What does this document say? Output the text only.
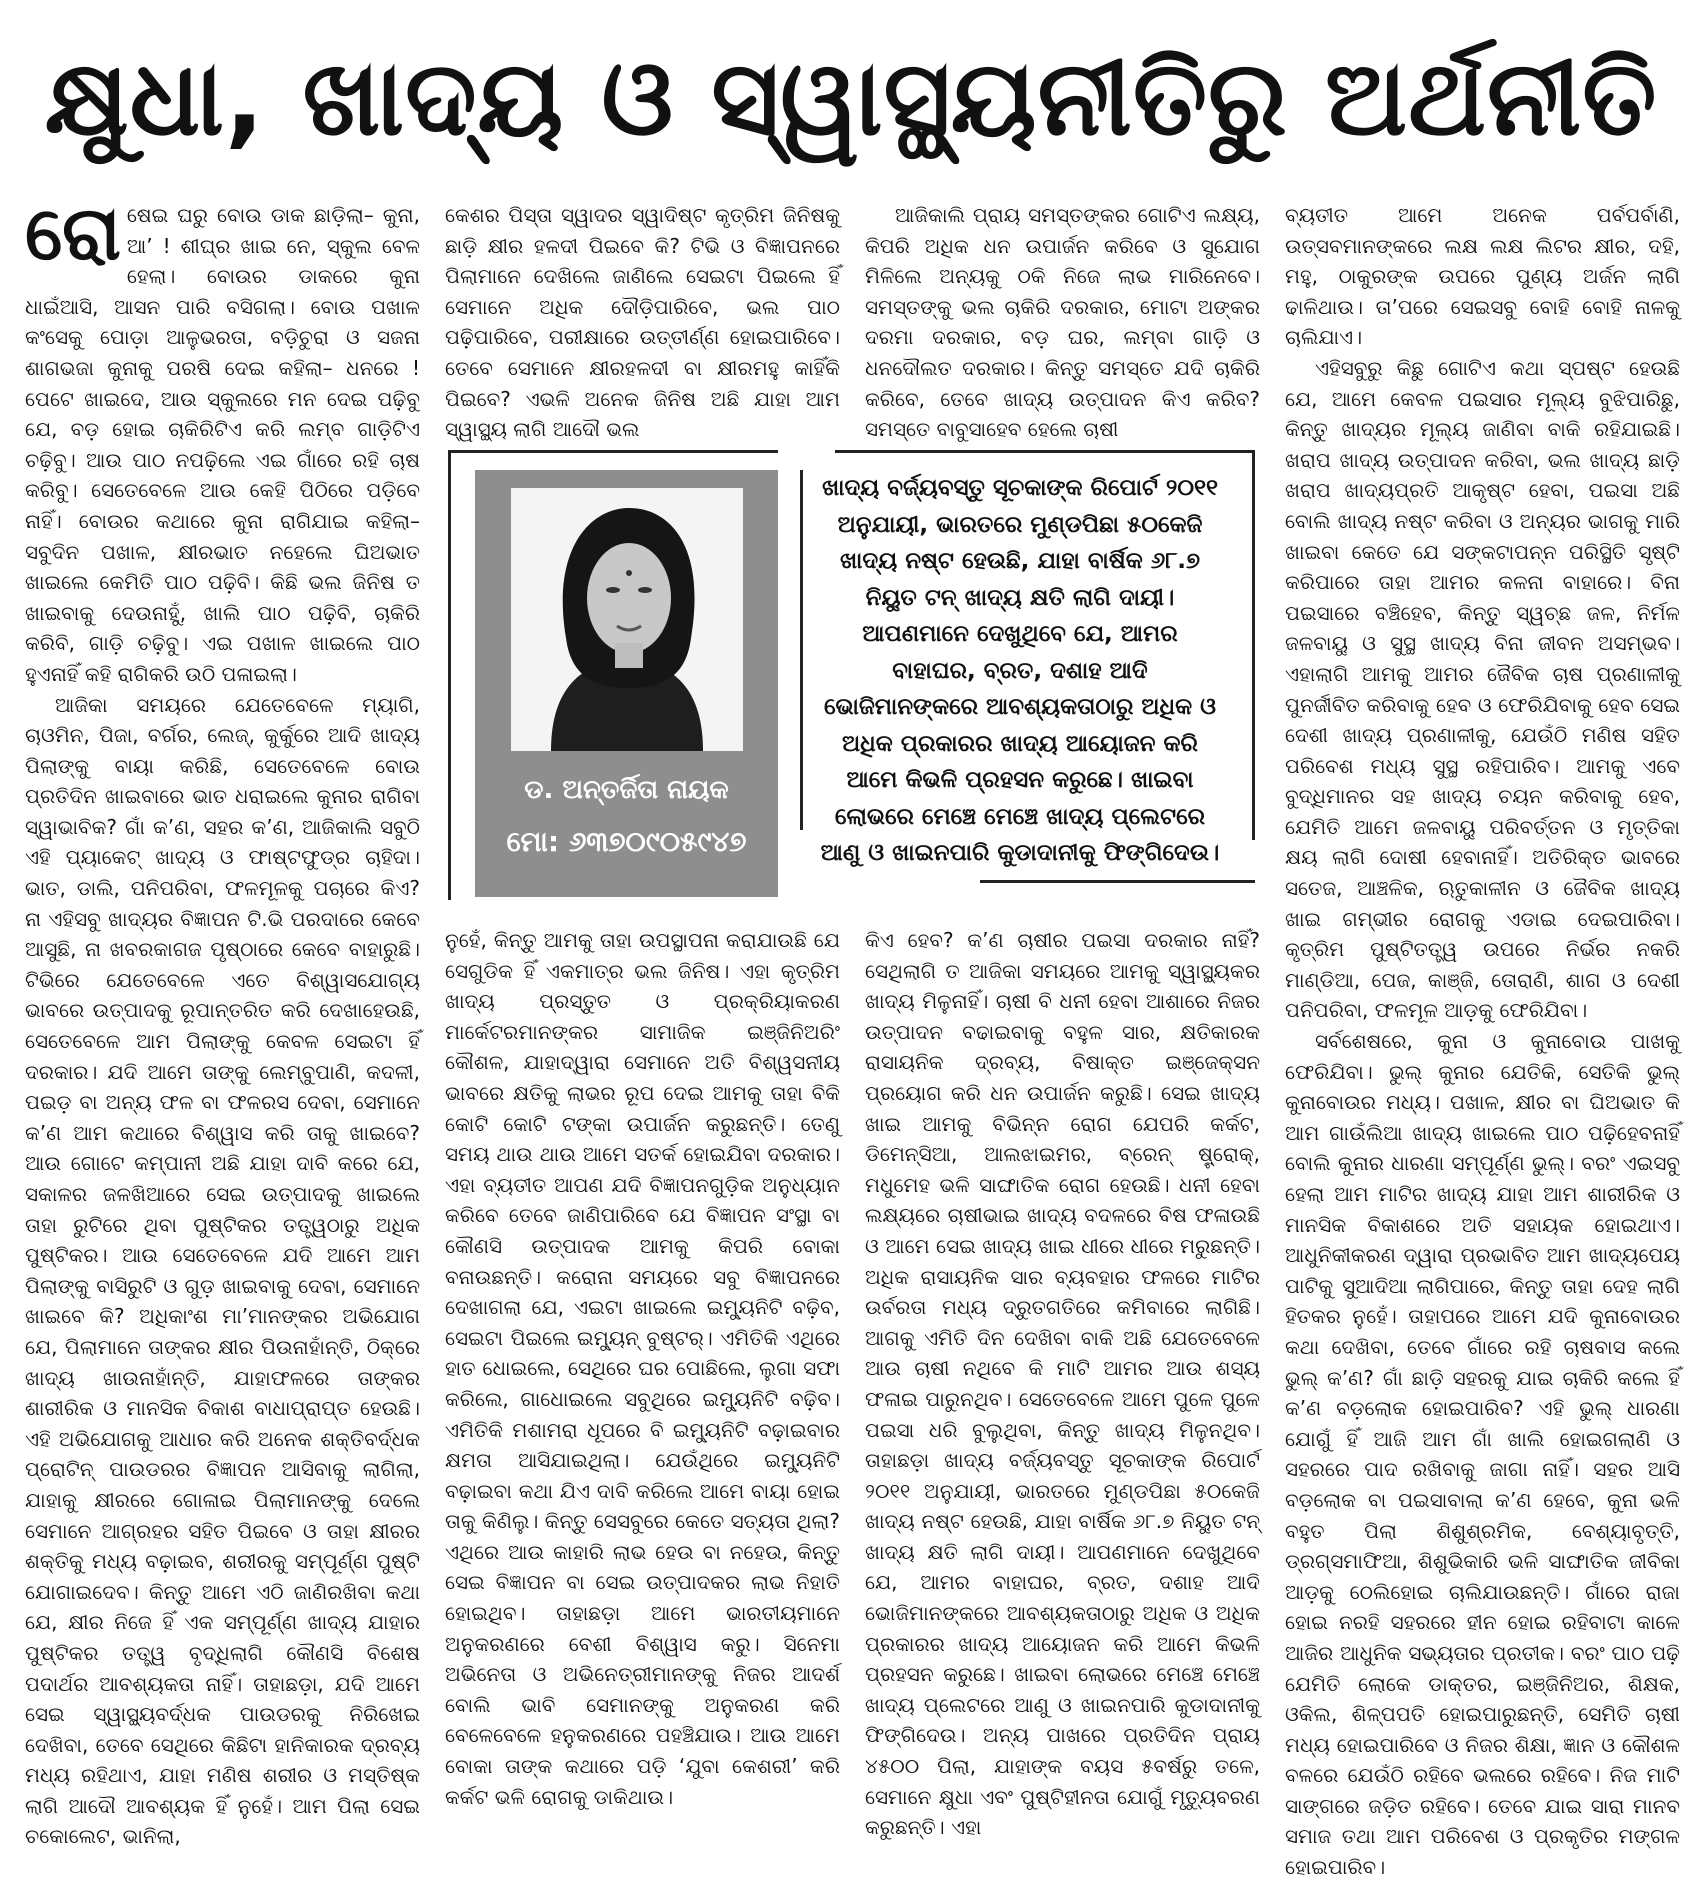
କ୍ଷୁଧା, ଖାଦ୍ୟ ଓ ସ୍ୱାସ୍ଥ୍ୟନୀତିରୁ ଅର୍ଥନୀତି

ରୋଷେଇ ଘରୁ ବୋଉ ଡାକ ଛାଡ଼ିଲା– କୁନା, ଆ’ ! ଶୀଘ୍ର ଖାଇ ନେ, ସ୍କୁଲ ବେଳ ହେଲା। ବୋଉର ଡାକରେ କୁନା ଧାଇଁଆସି, ଆସନ ପାରି ବସିଗଲା। ବୋଉ ପଖାଳ କଂସେକୁ ପୋଡ଼ା ଆଳୁଭରତା, ବଡ଼ିଚୁରା ଓ ସଜନା ଶାଗଭଜା କୁନାକୁ ପରଷି ଦେଇ କହିଲା– ଧନରେ ! ପେଟେ ଖାଇଦେ, ଆଉ ସ୍କୁଲରେ ମନ ଦେଇ ପଢ଼ିବୁ ଯେ, ବଡ଼ ହୋଇ ଚାକିରିଟିଏ କରି ଲମ୍ବ ଗାଡ଼ିଟିଏ ଚଢ଼ିବୁ। ଆଉ ପାଠ ନପଢ଼ିଲେ ଏଇ ଗାଁରେ ରହି ଚାଷ କରିବୁ। ସେତେବେଳେ ଆଉ କେହି ପିଠିରେ ପଡ଼ିବେ ନାହିଁ। ବୋଉର କଥାରେ କୁନା ରାଗିଯାଇ କହିଲା– ସବୁଦିନ ପଖାଳ, କ୍ଷୀରଭାତ ନହେଲେ ଘିଅଭାତ ଖାଇଲେ କେମିତି ପାଠ ପଢ଼ିବି। କିଛି ଭଲ ଜିନିଷ ତ ଖାଇବାକୁ ଦେଉନାହୁଁ, ଖାଲି ପାଠ ପଢ଼ିବି, ଚାକିରି କରିବି, ଗାଡ଼ି ଚଢ଼ିବୁ। ଏଇ ପଖାଳ ଖାଇଲେ ପାଠ ହୁଏନାହିଁ କହି ରାଗିକରି ଉଠି ପଳାଇଲା।

ଆଜିକା ସମୟରେ ଯେତେବେଳେ ମ୍ୟାଗି, ଚାଓମିନ, ପିଜା, ବର୍ଗର, ଲେଜ୍, କୁର୍କୁରେ ଆଦି ଖାଦ୍ୟ ପିଲାଙ୍କୁ ବାୟା କରିଛି, ସେତେବେଳେ ବୋଉ ପ୍ରତିଦିନ ଖାଇବାରେ ଭାତ ଧରାଇଲେ କୁନାର ରାଗିବା ସ୍ୱାଭାବିକ? ଗାଁ କ’ଣ, ସହର କ’ଣ, ଆଜିକାଲି ସବୁଠି ଏହି ପ୍ୟାକେଟ୍ ଖାଦ୍ୟ ଓ ଫାଷ୍ଟଫୁଡ୍‌ର ଚାହିଦା। ଭାତ, ଡାଲି, ପନିପରିବା, ଫଳମୂଳକୁ ପଚାରେ କିଏ? ନା ଏହିସବୁ ଖାଦ୍ୟର ବିଜ୍ଞାପନ ଟି.ଭି ପରଦାରେ କେବେ ଆସୁଛି, ନା ଖବରକାଗଜ ପୃଷ୍ଠାରେ କେବେ ବାହାରୁଛି। ଟିଭିରେ ଯେତେବେଳେ ଏତେ ବିଶ୍ୱାସଯୋଗ୍ୟ ଭାବରେ ଉତ୍ପାଦକୁ ରୂପାନ୍ତରିତ କରି ଦେଖାହେଉଛି, ସେତେବେଳେ ଆମ ପିଲାଙ୍କୁ କେବଳ ସେଇଟା ହିଁ ଦରକାର। ଯଦି ଆମେ ତାଙ୍କୁ ଲେମ୍ବୁପାଣି, କଦଳୀ, ପଇଡ଼ ବା ଅନ୍ୟ ଫଳ ବା ଫଳରସ ଦେବା, ସେମାନେ କ’ଣ ଆମ କଥାରେ ବିଶ୍ୱାସ କରି ତାକୁ ଖାଇବେ? ଆଉ ଗୋଟେ କମ୍ପାନୀ ଅଛି ଯାହା ଦାବି କରେ ଯେ, ସକାଳର ଜଳଖିଆରେ ସେଇ ଉତ୍ପାଦକୁ ଖାଇଲେ ତାହା ରୁଟିରେ ଥିବା ପୁଷ୍ଟିକର ତତ୍ତ୍ୱଠାରୁ ଅଧିକ ପୁଷ୍ଟିକର। ଆଉ ସେତେବେଳେ ଯଦି ଆମେ ଆମ ପିଲାଙ୍କୁ ବାସିରୁଟି ଓ ଗୁଡ଼ ଖାଇବାକୁ ଦେବା, ସେମାନେ ଖାଇବେ କି? ଅଧିକାଂଶ ମା’ମାନଙ୍କର ଅଭିଯୋଗ ଯେ, ପିଲାମାନେ ତାଙ୍କର କ୍ଷୀର ପିଉନାହାଁନ୍ତି, ଠିକ୍‌ରେ ଖାଦ୍ୟ ଖାଉନାହାଁନ୍ତି, ଯାହାଫଳରେ ତାଙ୍କର ଶାରୀରିକ ଓ ମାନସିକ ବିକାଶ ବାଧାପ୍ରାପ୍ତ ହେଉଛି। ଏହି ଅଭିଯୋଗକୁ ଆଧାର କରି ଅନେକ ଶକ୍ତିବର୍ଦ୍ଧକ ପ୍ରୋଟିନ୍ ପାଉଡରର ବିଜ୍ଞାପନ ଆସିବାକୁ ଲାଗିଲା, ଯାହାକୁ କ୍ଷୀରରେ ଗୋଳାଇ ପିଲାମାନଙ୍କୁ ଦେଲେ ସେମାନେ ଆଗ୍ରହର ସହିତ ପିଇବେ ଓ ତାହା କ୍ଷୀରର ଶକ୍ତିକୁ ମଧ୍ୟ ବଢ଼ାଇବ, ଶରୀରକୁ ସମ୍ପୂର୍ଣ୍ଣ ପୁଷ୍ଟି ଯୋଗାଇଦେବ। କିନ୍ତୁ ଆମେ ଏଠି ଜାଣିରଖିବା କଥା ଯେ, କ୍ଷୀର ନିଜେ ହିଁ ଏକ ସମ୍ପୂର୍ଣ୍ଣ ଖାଦ୍ୟ ଯାହାର ପୁଷ୍ଟିକର ତତ୍ତ୍ୱ ବୃଦ୍ଧିଲାଗି କୌଣସି ବିଶେଷ ପଦାର୍ଥର ଆବଶ୍ୟକତା ନାହିଁ। ତାହାଛଡ଼ା, ଯଦି ଆମେ ସେଇ ସ୍ୱାସ୍ଥ୍ୟବର୍ଦ୍ଧକ ପାଉଡରକୁ ନିରିଖେଇ ଦେଖିବା, ତେବେ ସେଥିରେ କିଛିଟା ହାନିକାରକ ଦ୍ରବ୍ୟ ମଧ୍ୟ ରହିଥାଏ, ଯାହା ମଣିଷ ଶରୀର ଓ ମସ୍ତିଷ୍କ ଲାଗି ଆଦୌ ଆବଶ୍ୟକ ହିଁ ନୁହେଁ। ଆମ ପିଲା ସେଇ ଚକୋଲେଟ, ଭାନିଲା,

କେଶର ପିସ୍ତା ସ୍ୱାଦର ସ୍ୱାଦିଷ୍ଟ କୃତ୍ରିମ ଜିନିଷକୁ ଛାଡ଼ି କ୍ଷୀର ହଳଦୀ ପିଇବେ କି? ଟିଭି ଓ ବିଜ୍ଞାପନରେ ପିଲାମାନେ ଦେଖିଲେ ଜାଣିଲେ ସେଇଟା ପିଇଲେ ହିଁ ସେମାନେ ଅଧିକ ଦୌଡ଼ିପାରିବେ, ଭଲ ପାଠ ପଢ଼ିପାରିବେ, ପରୀକ୍ଷାରେ ଉତ୍ତୀର୍ଣ୍ଣ ହୋଇପାରିବେ। ତେବେ ସେମାନେ କ୍ଷୀରହଳଦୀ ବା କ୍ଷୀରମହୁ କାହିଁକି ପିଇବେ? ଏଭଳି ଅନେକ ଜିନିଷ ଅଛି ଯାହା ଆମ ସ୍ୱାସ୍ଥ୍ୟ ଲାଗି ଆଦୌ ଭଲ

ଆଜିକାଲି ପ୍ରାୟ ସମସ୍ତଙ୍କର ଗୋଟିଏ ଲକ୍ଷ୍ୟ, କିପରି ଅଧିକ ଧନ ଉପାର୍ଜନ କରିବେ ଓ ସୁଯୋଗ ମିଳିଲେ ଅନ୍ୟକୁ ଠକି ନିଜେ ଲାଭ ମାରିନେବେ। ସମସ୍ତଙ୍କୁ ଭଲ ଚାକିରି ଦରକାର, ମୋଟା ଅଙ୍କର ଦରମା ଦରକାର, ବଡ଼ ଘର, ଲମ୍ବା ଗାଡ଼ି ଓ ଧନଦୌଲତ ଦରକାର। କିନ୍ତୁ ସମସ୍ତେ ଯଦି ଚାକିରି କରିବେ, ତେବେ ଖାଦ୍ୟ ଉତ୍ପାଦନ କିଏ କରିବ? ସମସ୍ତେ ବାବୁସାହେବ ହେଲେ ଚାଷୀ

ବ୍ୟତୀତ ଆମେ ଅନେକ ପର୍ବପର୍ବାଣି, ଉତ୍ସବମାନଙ୍କରେ ଲକ୍ଷ ଲକ୍ଷ ଲିଟର କ୍ଷୀର, ଦହି, ମହୁ, ଠାକୁରଙ୍କ ଉପରେ ପୁଣ୍ୟ ଅର୍ଜନ ଲାଗି ଢାଳିଥାଉ। ତା’ପରେ ସେଇସବୁ ବୋହି ବୋହି ନାଳକୁ ଚାଲିଯାଏ।

ଏହିସବୁରୁ କିଛୁ ଗୋଟିଏ କଥା ସ୍ପଷ୍ଟ ହେଉଛି ଯେ, ଆମେ କେବଳ ପଇସାର ମୂଲ୍ୟ ବୁଝିପାରିଛୁ, କିନ୍ତୁ ଖାଦ୍ୟର ମୂଲ୍ୟ ଜାଣିବା ବାକି ରହିଯାଇଛି। ଖରାପ ଖାଦ୍ୟ ଉତ୍ପାଦନ କରିବା, ଭଲ ଖାଦ୍ୟ ଛାଡ଼ି ଖରାପ ଖାଦ୍ୟପ୍ରତି ଆକୃଷ୍ଟ ହେବା, ପଇସା ଅଛି ବୋଲି ଖାଦ୍ୟ ନଷ୍ଟ କରିବା ଓ ଅନ୍ୟର ଭାଗକୁ ମାରି ଖାଇବା କେତେ ଯେ ସଙ୍କଟାପନ୍ନ ପରିସ୍ଥିତି ସୃଷ୍ଟି କରିପାରେ ତାହା ଆମର କଳନା ବାହାରେ। ବିନା ପଇସାରେ ବଞ୍ଚିହେବ, କିନ୍ତୁ ସ୍ୱଚ୍ଛ ଜଳ, ନିର୍ମଳ ଜଳବାୟୁ ଓ ସୁସ୍ଥ ଖାଦ୍ୟ ବିନା ଜୀବନ ଅସମ୍ଭବ। ଏହାଲାଗି ଆମକୁ ଆମର ଜୈବିକ ଚାଷ ପ୍ରଣାଳୀକୁ ପୁନର୍ଜୀବିତ କରିବାକୁ ହେବ ଓ ଫେରିଯିବାକୁ ହେବ ସେଇ ଦେଶୀ ଖାଦ୍ୟ ପ୍ରଣାଳୀକୁ, ଯେଉଁଠି ମଣିଷ ସହିତ ପରିବେଶ ମଧ୍ୟ ସୁସ୍ଥ ରହିପାରିବ। ଆମକୁ ଏବେ ବୁଦ୍ଧିମାନର ସହ ଖାଦ୍ୟ ଚୟନ କରିବାକୁ ହେବ, ଯେମିତି ଆମେ ଜଳବାୟୁ ପରିବର୍ତ୍ତନ ଓ ମୃତ୍ତିକା କ୍ଷୟ ଲାଗି ଦୋଷୀ ହେବାନାହିଁ। ଅତିରିକ୍ତ ଭାବରେ ସତେଜ, ଆଞ୍ଚଳିକ, ଋତୁକାଳୀନ ଓ ଜୈବିକ ଖାଦ୍ୟ ଖାଇ ଗମ୍ଭୀର ରୋଗକୁ ଏଡାଇ ଦେଇପାରିବା। କୃତ୍ରିମ ପୁଷ୍ଟିତତ୍ତ୍ୱ ଉପରେ ନିର୍ଭର ନକରି ମାଣ୍ଡିଆ, ପେଜ, କାଞ୍ଜି, ତୋରାଣି, ଶାଗ ଓ ଦେଶୀ ପନିପରିବା, ଫଳମୂଳ ଆଡ଼କୁ ଫେରିଯିବା।

ସର୍ବଶେଷରେ, କୁନା ଓ କୁନାବୋଉ ପାଖକୁ ଫେରିଯିବା। ଭୁଲ୍ କୁନାର ଯେତିକି, ସେତିକି ଭୁଲ୍ କୁନାବୋଉର ମଧ୍ୟ। ପଖାଳ, କ୍ଷୀର ବା ଘିଅଭାତ କି ଆମ ଗାଉଁଲିଆ ଖାଦ୍ୟ ଖାଇଲେ ପାଠ ପଢ଼ିହେବନାହିଁ ବୋଲି କୁନାର ଧାରଣା ସମ୍ପୂର୍ଣ୍ଣ ଭୁଲ୍। ବରଂ ଏଇସବୁ ହେଲା ଆମ ମାଟିର ଖାଦ୍ୟ ଯାହା ଆମ ଶାରୀରିକ ଓ ମାନସିକ ବିକାଶରେ ଅତି ସହାୟକ ହୋଇଥାଏ। ଆଧୁନିକୀକରଣ ଦ୍ୱାରା ପ୍ରଭାବିତ ଆମ ଖାଦ୍ୟପେୟ ପାଟିକୁ ସୁଆଦିଆ ଲାଗିପାରେ, କିନ୍ତୁ ତାହା ଦେହ ଲାଗି ହିତକର ନୁହେଁ। ତାହାପରେ ଆମେ ଯଦି କୁନାବୋଉର କଥା ଦେଖିବା, ତେବେ ଗାଁରେ ରହି ଚାଷବାସ କଲେ ଭୁଲ୍ କ’ଣ? ଗାଁ ଛାଡ଼ି ସହରକୁ ଯାଇ ଚାକିରି କଲେ ହିଁ କ’ଣ ବଡ଼ଲୋକ ହୋଇପାରିବ? ଏହି ଭୁଲ୍ ଧାରଣା ଯୋଗୁଁ ହିଁ ଆଜି ଆମ ଗାଁ ଖାଲି ହୋଇଗଲାଣି ଓ ସହରରେ ପାଦ ରଖିବାକୁ ଜାଗା ନାହିଁ। ସହର ଆସି ବଡ଼ଲୋକ ବା ପଇସାବାଲା କ’ଣ ହେବେ, କୁନା ଭଳି ବହୁତ ପିଲା ଶିଶୁଶ୍ରମିକ, ବେଶ୍ୟାବୃତ୍ତି, ଡ୍ରଗ୍‌ସମାଫିଆ, ଶିଶୁଭିକାରି ଭଳି ସାଙ୍ଘାତିକ ଜୀବିକା ଆଡ଼କୁ ଠେଲିହୋଇ ଚାଲିଯାଉଛନ୍ତି। ଗାଁରେ ରାଜା ହୋଇ ନରହି ସହରରେ ହୀନ ହୋଇ ରହିବାଟା କାଳେ ଆଜିର ଆଧୁନିକ ସଭ୍ୟତାର ପ୍ରତୀକ। ବରଂ ପାଠ ପଢ଼ି ଯେମିତି ଲୋକେ ଡାକ୍ତର, ଇଞ୍ଜିନିଅର, ଶିକ୍ଷକ, ଓକିଲ, ଶିଳ୍ପପତି ହୋଇପାରୁଛନ୍ତି, ସେମିତି ଚାଷୀ ମଧ୍ୟ ହୋଇପାରିବେ ଓ ନିଜର ଶିକ୍ଷା, ଜ୍ଞାନ ଓ କୌଶଳ ବଳରେ ଯେଉଁଠି ରହିବେ ଭଲରେ ରହିବେ। ନିଜ ମାଟି ସାଙ୍ଗରେ ଜଡ଼ିତ ରହିବେ। ତେବେ ଯାଇ ସାରା ମାନବ ସମାଜ ତଥା ଆମ ପରିବେଶ ଓ ପ୍ରକୃତିର ମଙ୍ଗଳ ହୋଇପାରିବ।

ଡ. ଅନ୍ତର୍ଜିତା ନାୟକ
ମୋ: ୬୩୭୦୯୦୫୯୪୭
ଖାଦ୍ୟ ବର୍ଜ୍ୟବସ୍ତୁ ସୂଚକାଙ୍କ ରିପୋର୍ଟ ୨୦୧୧ ଅନୁଯାୟୀ, ଭାରତରେ ମୁଣ୍ଡପିଛା ୫୦କେଜି ଖାଦ୍ୟ ନଷ୍ଟ ହେଉଛି, ଯାହା ବାର୍ଷିକ ୬୮.୭ ନିୟୁତ ଟନ୍ ଖାଦ୍ୟ କ୍ଷତି ଲାଗି ଦାୟୀ। ଆପଣମାନେ ଦେଖୁଥିବେ ଯେ, ଆମର ବାହାଘର, ବ୍ରତ, ଦଶାହ ଆଦି ଭୋଜିମାନଙ୍କରେ ଆବଶ୍ୟକତାଠାରୁ ଅଧିକ ଓ ଅଧିକ ପ୍ରକାରର ଖାଦ୍ୟ ଆୟୋଜନ କରି ଆମେ କିଭଳି ପ୍ରହସନ କରୁଛେ। ଖାଇବା ଲୋଭରେ ମେଞ୍ଚେ ମେଞ୍ଚେ ଖାଦ୍ୟ ପ୍ଲେଟରେ ଆଣୁ ଓ ଖାଇନପାରି କୁଡାଦାନୀକୁ ଫିଙ୍ଗିଦେଉ।

ନୁହେଁ, କିନ୍ତୁ ଆମକୁ ତାହା ଉପସ୍ଥାପନା କରାଯାଉଛି ଯେ ସେଗୁଡିକ ହିଁ ଏକମାତ୍ର ଭଲ ଜିନିଷ। ଏହା କୃତ୍ରିମ ଖାଦ୍ୟ ପ୍ରସ୍ତୁତ ଓ ପ୍ରକ୍ରିୟାକରଣ ମାର୍କେଟରମାନଙ୍କର ସାମାଜିକ ଇଞ୍ଜିନିଅରିଂ କୌଶଳ, ଯାହାଦ୍ୱାରା ସେମାନେ ଅତି ବିଶ୍ୱସନୀୟ ଭାବରେ କ୍ଷତିକୁ ଲାଭର ରୂପ ଦେଇ ଆମକୁ ତାହା ବିକି କୋଟି କୋଟି ଟଙ୍କା ଉପାର୍ଜନ କରୁଛନ୍ତି। ତେଣୁ ସମୟ ଥାଉ ଥାଉ ଆମେ ସତର୍କ ହୋଇଯିବା ଦରକାର। ଏହା ବ୍ୟତୀତ ଆପଣ ଯଦି ବିଜ୍ଞାପନଗୁଡ଼ିକ ଅନୁଧ୍ୟାନ କରିବେ ତେବେ ଜାଣିପାରିବେ ଯେ ବିଜ୍ଞାପନ ସଂସ୍ଥା ବା କୌଣସି ଉତ୍ପାଦକ ଆମକୁ କିପରି ବୋକା ବନାଉଛନ୍ତି। କରୋନା ସମୟରେ ସବୁ ବିଜ୍ଞାପନରେ ଦେଖାଗଲା ଯେ, ଏଇଟା ଖାଇଲେ ଇମ୍ୟୁନିଟି ବଢ଼ିବ, ସେଇଟା ପିଇଲେ ଇମ୍ୟୁନ୍ ବୁଷ୍ଟର୍। ଏମିତିକି ଏଥିରେ ହାତ ଧୋଇଲେ, ସେଥିରେ ଘର ପୋଛିଲେ, ଲୁଗା ସଫା କରିଲେ, ଗାଧୋଇଲେ ସବୁଥିରେ ଇମ୍ୟୁନିଟି ବଢ଼ିବ। ଏମିତିକି ମଶାମରା ଧୂପରେ ବି ଇମ୍ୟୁନିଟି ବଢ଼ାଇବାର କ୍ଷମତା ଆସିଯାଇଥିଲା। ଯେଉଁଥିରେ ଇମ୍ୟୁନିଟି ବଢ଼ାଇବା କଥା ଯିଏ ଦାବି କରିଲେ ଆମେ ବାୟା ହୋଇ ତାକୁ କିଣିଲୁ। କିନ୍ତୁ ସେସବୁରେ କେତେ ସତ୍ୟତା ଥିଲା? ଏଥିରେ ଆଉ କାହାରି ଲାଭ ହେଉ ବା ନହେଉ, କିନ୍ତୁ ସେଇ ବିଜ୍ଞାପନ ବା ସେଇ ଉତ୍ପାଦକର ଲାଭ ନିହାତି ହୋଇଥିବ। ତାହାଛଡ଼ା ଆମେ ଭାରତୀୟମାନେ ଅନୁକରଣରେ ବେଶୀ ବିଶ୍ୱାସ କରୁ। ସିନେମା ଅଭିନେତା ଓ ଅଭିନେତ୍ରୀମାନଙ୍କୁ ନିଜର ଆଦର୍ଶ ବୋଲି ଭାବି ସେମାନଙ୍କୁ ଅନୁକରଣ କରି ବେଳେବେଳେ ହନୁକରଣରେ ପହଞ୍ଚିଯାଉ। ଆଉ ଆମେ ବୋକା ତାଙ୍କ କଥାରେ ପଡ଼ି ‘ଯୁବା କେଶରୀ’ କରି କର୍କଟ ଭଳି ରୋଗକୁ ଡାକିଥାଉ।

କିଏ ହେବ? କ’ଣ ଚାଷୀର ପଇସା ଦରକାର ନାହିଁ? ସେଥିଲାଗି ତ ଆଜିକା ସମୟରେ ଆମକୁ ସ୍ୱାସ୍ଥ୍ୟକର ଖାଦ୍ୟ ମିଳୁନାହିଁ। ଚାଷୀ ବି ଧନୀ ହେବା ଆଶାରେ ନିଜର ଉତ୍ପାଦନ ବଢାଇବାକୁ ବହୁଳ ସାର, କ୍ଷତିକାରକ ରାସାୟନିକ ଦ୍ରବ୍ୟ, ବିଷାକ୍ତ ଇଞ୍ଜେକ୍ସନ ପ୍ରୟୋଗ କରି ଧନ ଉପାର୍ଜନ କରୁଛି। ସେଇ ଖାଦ୍ୟ ଖାଇ ଆମକୁ ବିଭିନ୍ନ ରୋଗ ଯେପରି କର୍କଟ, ଡିମେନ୍‌ସିଆ, ଆଲଝାଇମର, ବ୍ରେନ୍ ଷ୍ଟ୍ରୋକ୍, ମଧୁମେହ ଭଳି ସାଙ୍ଘାତିକ ରୋଗ ହେଉଛି। ଧନୀ ହେବା ଲକ୍ଷ୍ୟରେ ଚାଷୀଭାଇ ଖାଦ୍ୟ ବଦଳରେ ବିଷ ଫଳାଉଛି ଓ ଆମେ ସେଇ ଖାଦ୍ୟ ଖାଇ ଧୀରେ ଧୀରେ ମରୁଛନ୍ତି। ଅଧିକ ରାସାୟନିକ ସାର ବ୍ୟବହାର ଫଳରେ ମାଟିର ଉର୍ବରତା ମଧ୍ୟ ଦ୍ରୁତଗତିରେ କମିବାରେ ଲାଗିଛି। ଆଗକୁ ଏମିତି ଦିନ ଦେଖିବା ବାକି ଅଛି ଯେତେବେଳେ ଆଉ ଚାଷୀ ନଥିବେ କି ମାଟି ଆମର ଆଉ ଶସ୍ୟ ଫଳାଇ ପାରୁନଥିବ। ସେତେବେଳେ ଆମେ ପୁଳେ ପୁଳେ ପଇସା ଧରି ବୁଲୁଥିବା, କିନ୍ତୁ ଖାଦ୍ୟ ମିଳୁନଥିବ। ତାହାଛଡ଼ା ଖାଦ୍ୟ ବର୍ଜ୍ୟବସ୍ତୁ ସୂଚକାଙ୍କ ରିପୋର୍ଟ ୨୦୧୧ ଅନୁଯାୟୀ, ଭାରତରେ ମୁଣ୍ଡପିଛା ୫୦କେଜି ଖାଦ୍ୟ ନଷ୍ଟ ହେଉଛି, ଯାହା ବାର୍ଷିକ ୬୮.୭ ନିୟୁତ ଟନ୍ ଖାଦ୍ୟ କ୍ଷତି ଲାଗି ଦାୟୀ। ଆପଣମାନେ ଦେଖୁଥିବେ ଯେ, ଆମର ବାହାଘର, ବ୍ରତ, ଦଶାହ ଆଦି ଭୋଜିମାନଙ୍କରେ ଆବଶ୍ୟକତାଠାରୁ ଅଧିକ ଓ ଅଧିକ ପ୍ରକାରର ଖାଦ୍ୟ ଆୟୋଜନ କରି ଆମେ କିଭଳି ପ୍ରହସନ କରୁଛେ। ଖାଇବା ଲୋଭରେ ମେଞ୍ଚେ ମେଞ୍ଚେ ଖାଦ୍ୟ ପ୍ଲେଟରେ ଆଣୁ ଓ ଖାଇନପାରି କୁଡାଦାନୀକୁ ଫିଙ୍ଗିଦେଉ। ଅନ୍ୟ ପାଖରେ ପ୍ରତିଦିନ ପ୍ରାୟ ୪୫୦୦ ପିଲା, ଯାହାଙ୍କ ବୟସ ୫ବର୍ଷରୁ ତଳେ, ସେମାନେ କ୍ଷୁଧା ଏବଂ ପୁଷ୍ଟିହୀନତା ଯୋଗୁଁ ମୃତ୍ୟୁବରଣ କରୁଛନ୍ତି। ଏହା
